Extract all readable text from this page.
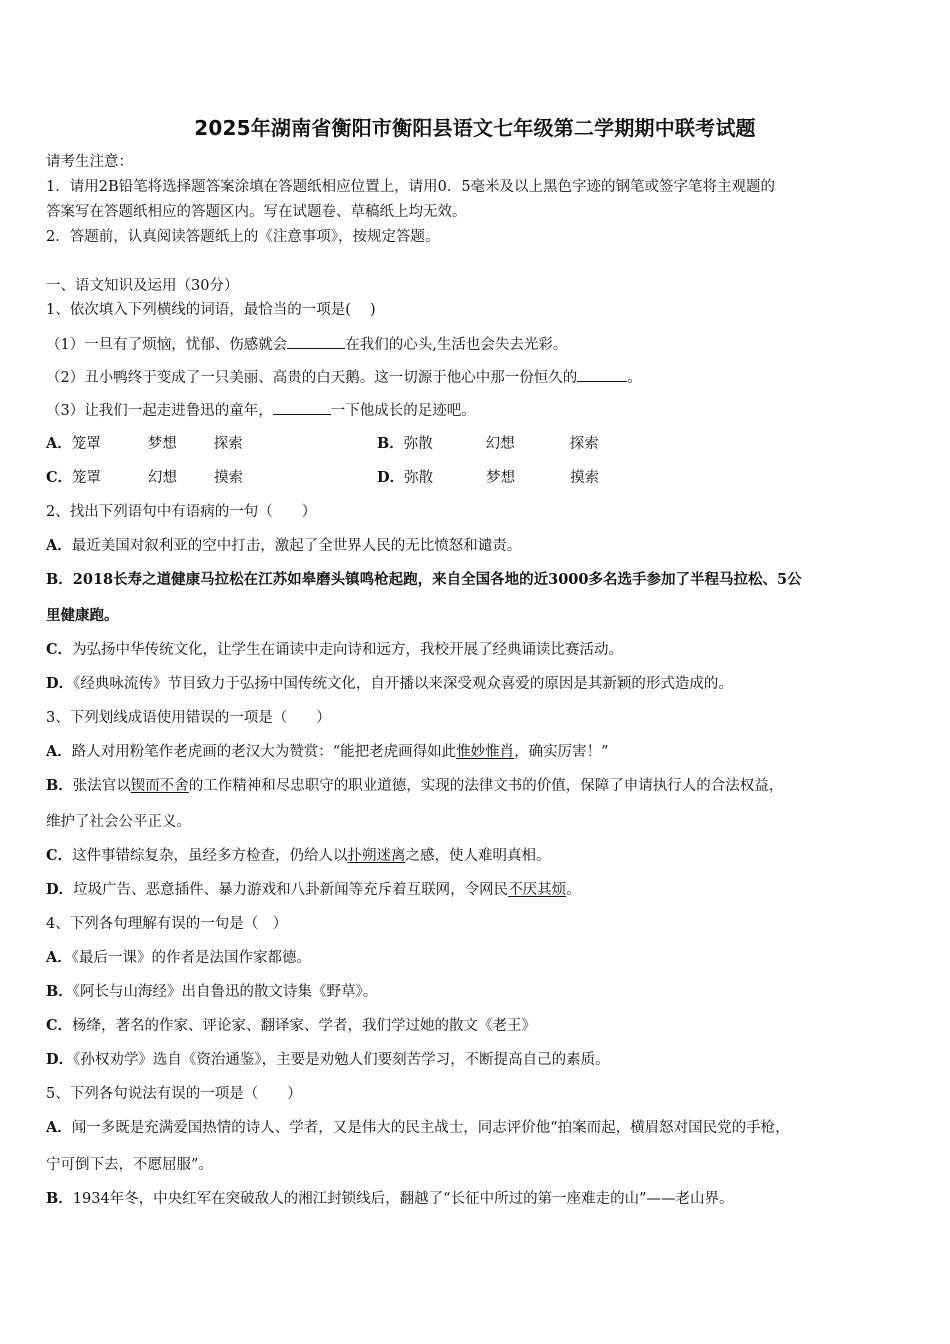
2025年湖南省衡阳市衡阳县语文七年级第二学期期中联考试题
请考生注意：
1．请用2B铅笔将选择题答案涂填在答题纸相应位置上，请用0．5毫米及以上黑色字迹的钢笔或签字笔将主观题的
答案写在答题纸相应的答题区内。写在试题卷、草稿纸上均无效。
2．答题前，认真阅读答题纸上的《注意事项》，按规定答题。
一、语文知识及运用（30分）
1、依次填入下列横线的词语，最恰当的一项是(　 )
（1）一旦有了烦恼，忧郁、伤感就会	在我们的心头,生活也会失去光彩。
（2）丑小鸭终于变成了一只美丽、高贵的白天鹅。这一切源于他心中那一份恒久的	。
（3）让我们一起走进鲁迅的童年，	一下他成长的足迹吧。
A．笼罩	梦想	探索	B．弥散	幻想	探索
C．笼罩	幻想	摸索	D．弥散	梦想	摸索
2、找出下列语句中有语病的一句（　　）
A．最近美国对叙利亚的空中打击，激起了全世界人民的无比愤怒和谴责。
B．2018长寿之道健康马拉松在江苏如皋磨头镇鸣枪起跑，来自全国各地的近3000多名选手参加了半程马拉松、5公
里健康跑。
C．为弘扬中华传统文化，让学生在诵读中走向诗和远方，我校开展了经典诵读比赛活动。
D．《经典咏流传》节目致力于弘扬中国传统文化，自开播以来深受观众喜爱的原因是其新颖的形式造成的。
3、下列划线成语使用错误的一项是（　　）
A．路人对用粉笔作老虎画的老汉大为赞赏：“能把老虎画得如此惟妙惟肖，确实厉害！”
B．张法官以锲而不舍的工作精神和尽忠职守的职业道德，实现的法律文书的价值，保障了申请执行人的合法权益，
维护了社会公平正义。
C．这件事错综复杂，虽经多方检查，仍给人以扑朔迷离之感，使人难明真相。
D．垃圾广告、恶意插件、暴力游戏和八卦新闻等充斥着互联网，令网民不厌其烦。
4、下列各句理解有误的一句是（　）
A．《最后一课》的作者是法国作家都德。
B．《阿长与山海经》出自鲁迅的散文诗集《野草》。
C．杨绛，著名的作家、评论家、翻译家、学者，我们学过她的散文《老王》
D．《孙权劝学》选自《资治通鉴》，主要是劝勉人们要刻苦学习，不断提高自己的素质。
5、下列各句说法有误的一项是（　　）
A．闻一多既是充满爱国热情的诗人、学者，又是伟大的民主战士，同志评价他“拍案而起，横眉怒对国民党的手枪，
宁可倒下去，不愿屈服”。
B．1934年冬，中央红军在突破敌人的湘江封锁线后，翻越了“长征中所过的第一座难走的山”——老山界。
